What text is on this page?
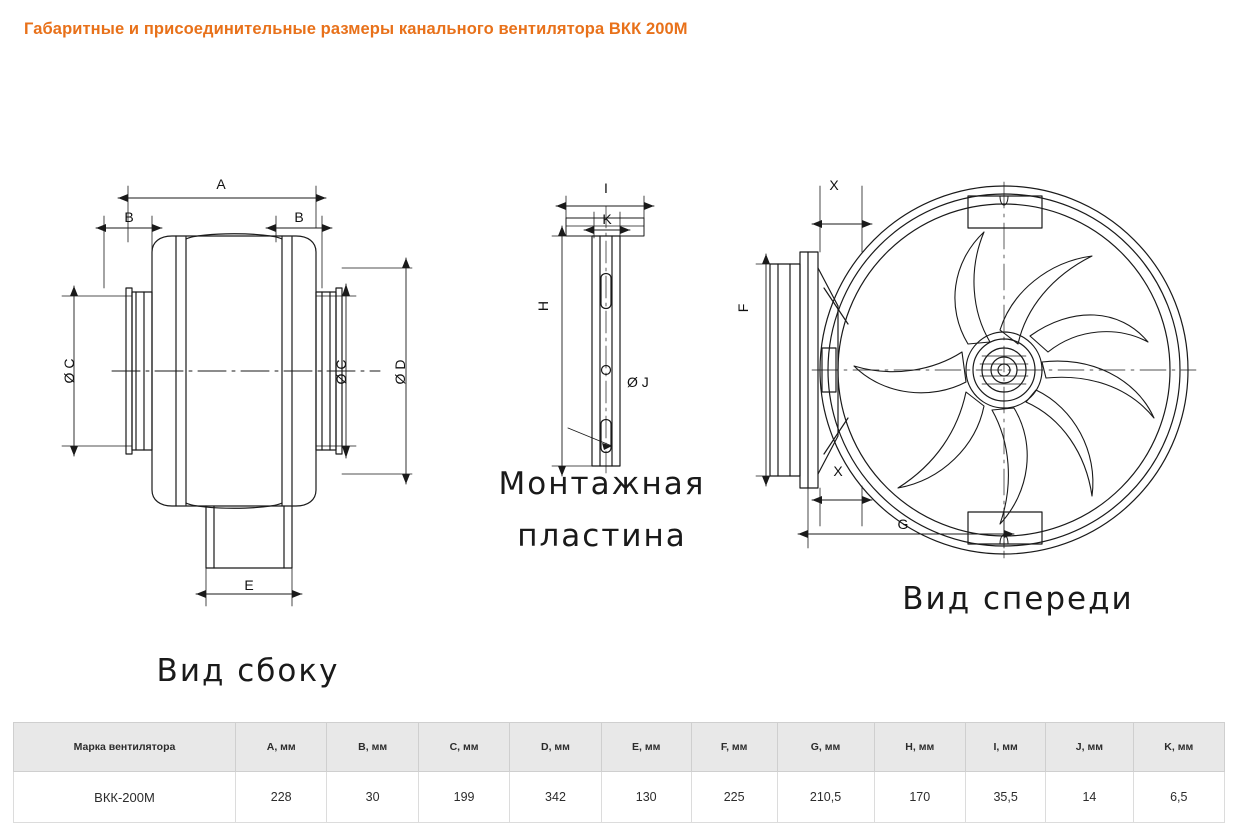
Габаритные и присоединительные размеры канального вентилятора ВКК 200М
A
B	B
Ø C	Ø C	Ø D
E
I
K
H
Ø J
X
X
F
G
Вид сбоку
Монтажная
пластина
Вид спереди
Марка вентилятора	A, мм	B, мм	C, мм	D, мм	E, мм	F, мм	G, мм	H, мм	I, мм	J, мм	K, мм
ВКК-200М	228	30	199	342	130	225	210,5	170	35,5	14	6,5
